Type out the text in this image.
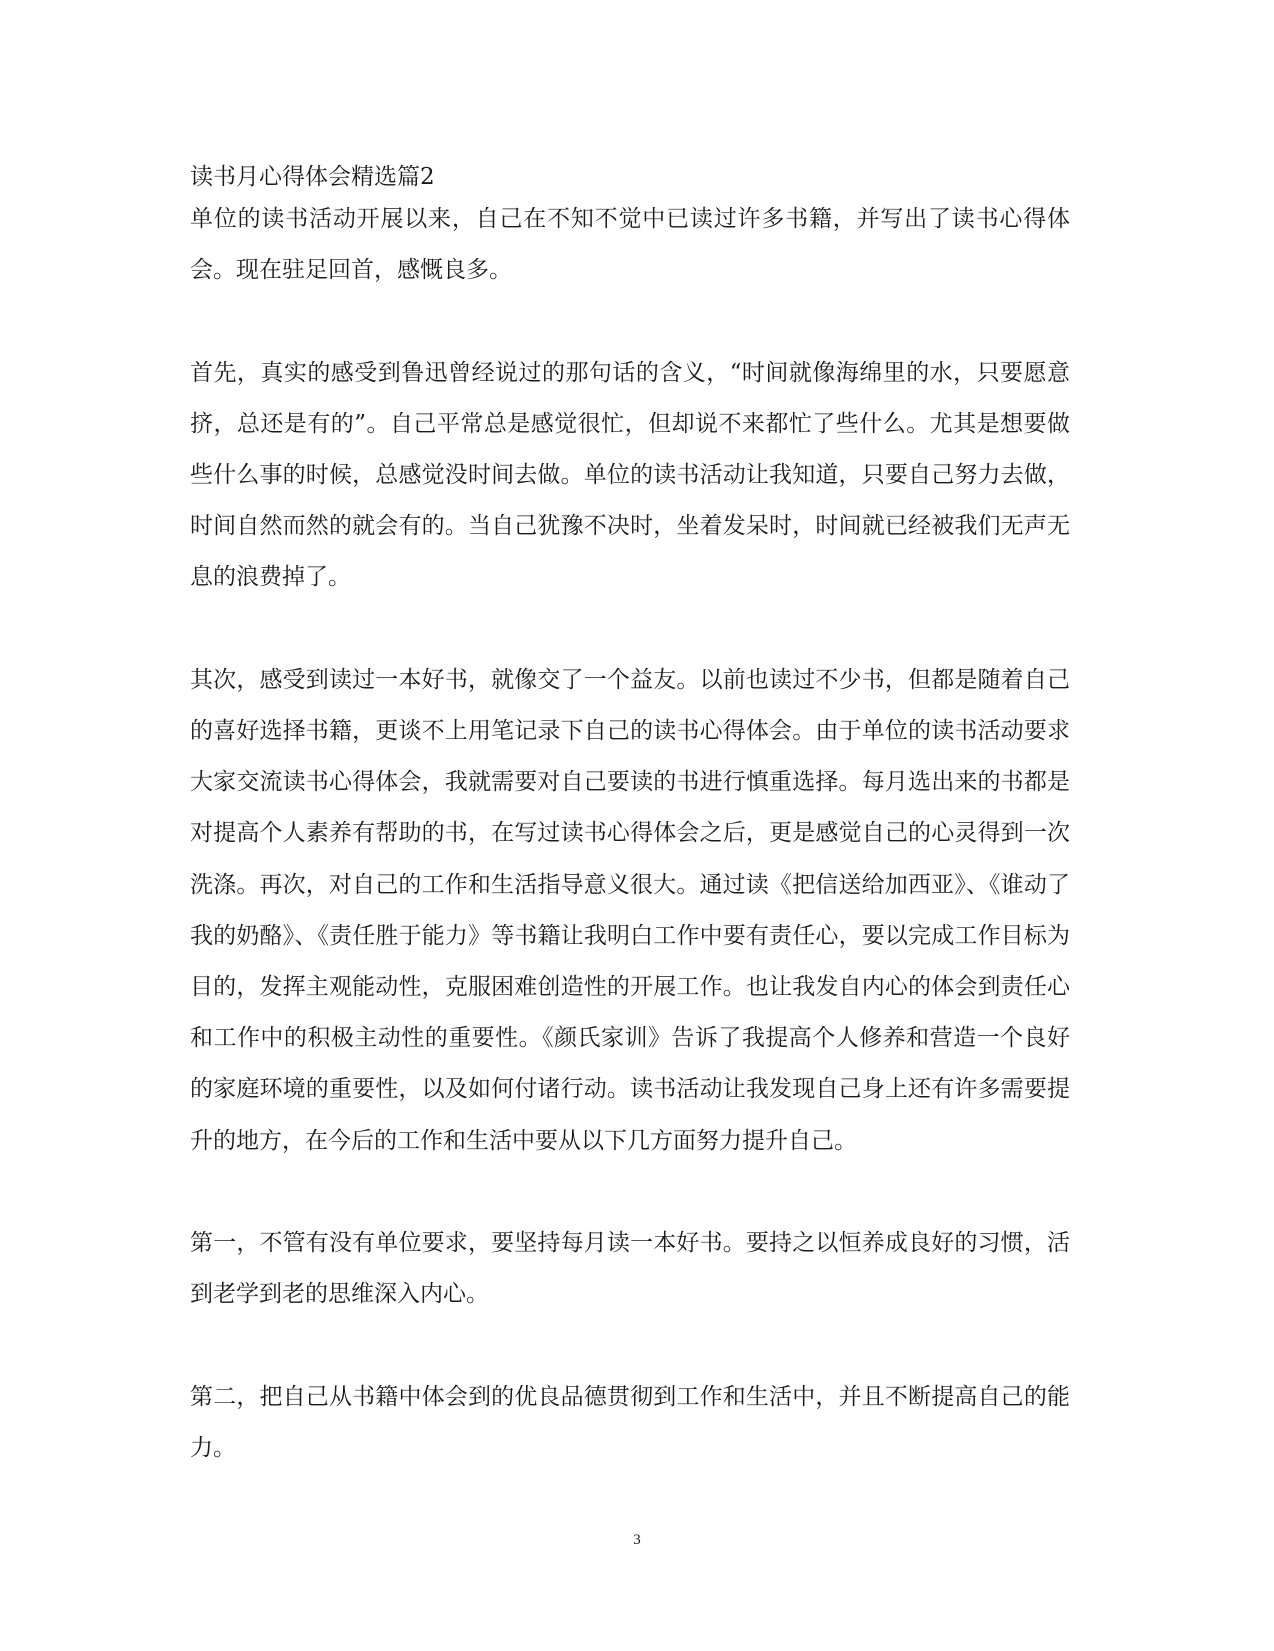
读书月心得体会精选篇2

单位的读书活动开展以来，自己在不知不觉中已读过许多书籍，并写出了读书心得体会。现在驻足回首，感慨良多。

首先，真实的感受到鲁迅曾经说过的那句话的含义，“时间就像海绵里的水，只要愿意挤，总还是有的”。自己平常总是感觉很忙，但却说不来都忙了些什么。尤其是想要做些什么事的时候，总感觉没时间去做。单位的读书活动让我知道，只要自己努力去做，时间自然而然的就会有的。当自己犹豫不决时，坐着发呆时，时间就已经被我们无声无息的浪费掉了。

其次，感受到读过一本好书，就像交了一个益友。以前也读过不少书，但都是随着自己的喜好选择书籍，更谈不上用笔记录下自己的读书心得体会。由于单位的读书活动要求大家交流读书心得体会，我就需要对自己要读的书进行慎重选择。每月选出来的书都是对提高个人素养有帮助的书，在写过读书心得体会之后，更是感觉自己的心灵得到一次洗涤。再次，对自己的工作和生活指导意义很大。通过读《把信送给加西亚》、《谁动了我的奶酪》、《责任胜于能力》等书籍让我明白工作中要有责任心，要以完成工作目标为目的，发挥主观能动性，克服困难创造性的开展工作。也让我发自内心的体会到责任心和工作中的积极主动性的重要性。《颜氏家训》告诉了我提高个人修养和营造一个良好的家庭环境的重要性，以及如何付诸行动。读书活动让我发现自己身上还有许多需要提升的地方，在今后的工作和生活中要从以下几方面努力提升自己。

第一，不管有没有单位要求，要坚持每月读一本好书。要持之以恒养成良好的习惯，活到老学到老的思维深入内心。

第二，把自己从书籍中体会到的优良品德贯彻到工作和生活中，并且不断提高自己的能力。

3
